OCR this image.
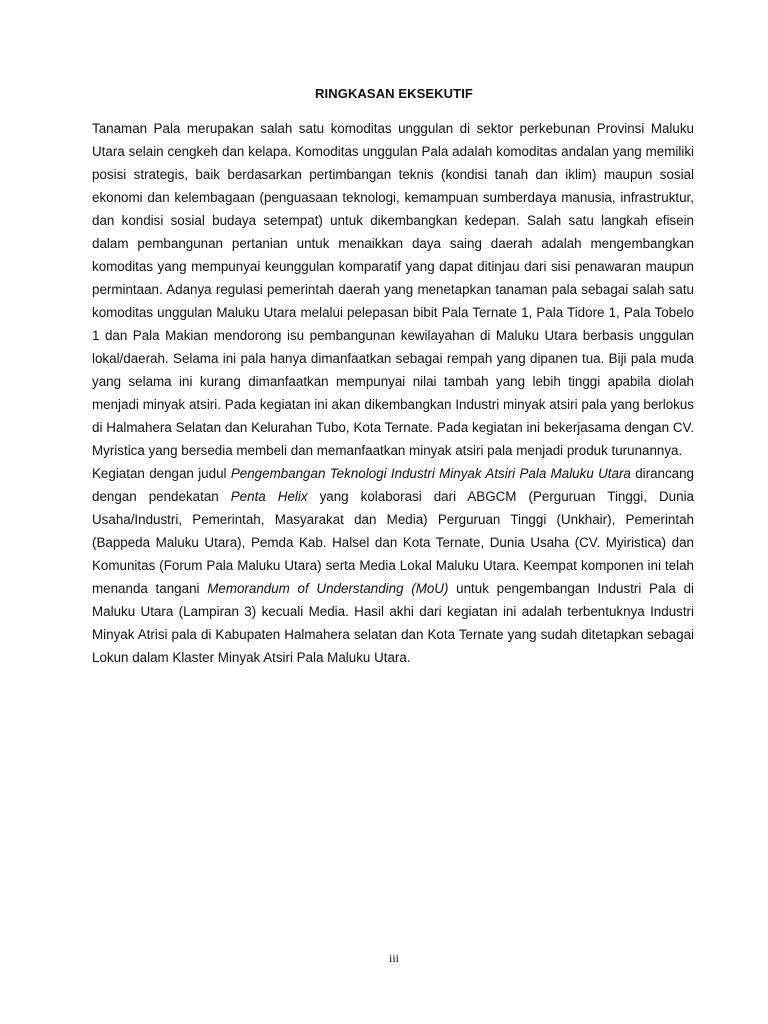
RINGKASAN EKSEKUTIF

Tanaman Pala merupakan salah satu komoditas unggulan di sektor perkebunan Provinsi Maluku Utara selain cengkeh dan kelapa. Komoditas unggulan Pala adalah komoditas andalan yang memiliki posisi strategis, baik berdasarkan pertimbangan teknis (kondisi tanah dan iklim) maupun sosial ekonomi dan kelembagaan (penguasaan teknologi, kemampuan sumberdaya manusia, infrastruktur, dan kondisi sosial budaya setempat) untuk dikembangkan kedepan. Salah satu langkah efisein dalam pembangunan pertanian untuk menaikkan daya saing daerah adalah mengembangkan komoditas yang mempunyai keunggulan komparatif yang dapat ditinjau dari sisi penawaran maupun permintaan. Adanya regulasi pemerintah daerah yang menetapkan tanaman pala sebagai salah satu komoditas unggulan Maluku Utara melalui pelepasan bibit Pala Ternate 1, Pala Tidore 1, Pala Tobelo 1 dan Pala Makian mendorong isu pembangunan kewilayahan di Maluku Utara berbasis unggulan lokal/daerah. Selama ini pala hanya dimanfaatkan sebagai rempah yang dipanen tua. Biji pala muda yang selama ini kurang dimanfaatkan mempunyai nilai tambah yang lebih tinggi apabila diolah menjadi minyak atsiri. Pada kegiatan ini akan dikembangkan Industri minyak atsiri pala yang berlokus di Halmahera Selatan dan Kelurahan Tubo, Kota Ternate. Pada kegiatan ini bekerjasama dengan CV. Myristica yang bersedia membeli dan memanfaatkan minyak atsiri pala menjadi produk turunannya.

Kegiatan dengan judul Pengembangan Teknologi Industri Minyak Atsiri Pala Maluku Utara dirancang dengan pendekatan Penta Helix yang kolaborasi dari ABGCM (Perguruan Tinggi, Dunia Usaha/Industri, Pemerintah, Masyarakat dan Media) Perguruan Tinggi (Unkhair), Pemerintah (Bappeda Maluku Utara), Pemda Kab. Halsel dan Kota Ternate, Dunia Usaha (CV. Myiristica) dan Komunitas (Forum Pala Maluku Utara) serta Media Lokal Maluku Utara. Keempat komponen ini telah menanda tangani Memorandum of Understanding (MoU) untuk pengembangan Industri Pala di Maluku Utara (Lampiran 3) kecuali Media. Hasil akhi dari kegiatan ini adalah terbentuknya Industri Minyak Atrisi pala di Kabupaten Halmahera selatan dan Kota Ternate yang sudah ditetapkan sebagai Lokun dalam Klaster Minyak Atsiri Pala Maluku Utara.

iii
